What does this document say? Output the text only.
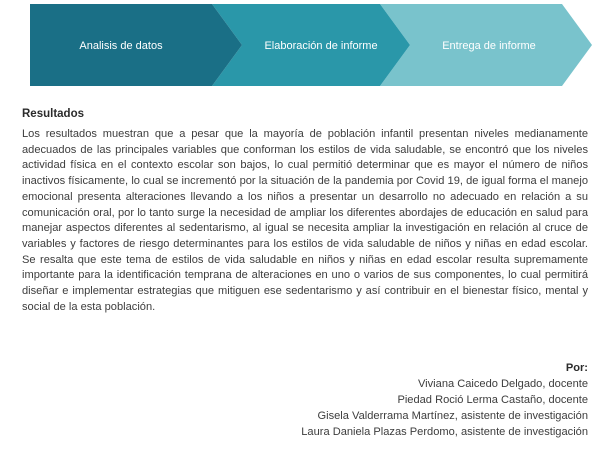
Analisis de datos	Elaboración de informe	Entrega de informe
Resultados

Los resultados muestran que a pesar que la mayoría de población infantil presentan niveles medianamente adecuados de las principales variables que conforman los estilos de vida saludable, se encontró que los niveles actividad física en el contexto escolar son bajos, lo cual permitió determinar que es mayor el número de niños inactivos físicamente, lo cual se incrementó por la situación de la pandemia por Covid 19, de igual forma el manejo emocional presenta alteraciones llevando a los niños a presentar un desarrollo no adecuado en relación a su comunicación oral, por lo tanto surge la necesidad de ampliar los diferentes abordajes de educación en salud para manejar aspectos diferentes al sedentarismo, al igual se necesita ampliar la investigación en relación al cruce de variables y factores de riesgo determinantes para los estilos de vida saludable de niños y niñas en edad escolar. Se resalta que este tema de estilos de vida saludable en niños y niñas en edad escolar resulta supremamente importante para la identificación temprana de alteraciones en uno o varios de sus componentes, lo cual permitirá diseñar e implementar estrategias que mitiguen ese sedentarismo y así contribuir en el bienestar físico, mental y social de la esta población.

Por:
Viviana Caicedo Delgado, docente
Piedad Roció Lerma Castaño, docente
Gisela Valderrama Martínez, asistente de investigación
Laura Daniela Plazas Perdomo, asistente de investigación
